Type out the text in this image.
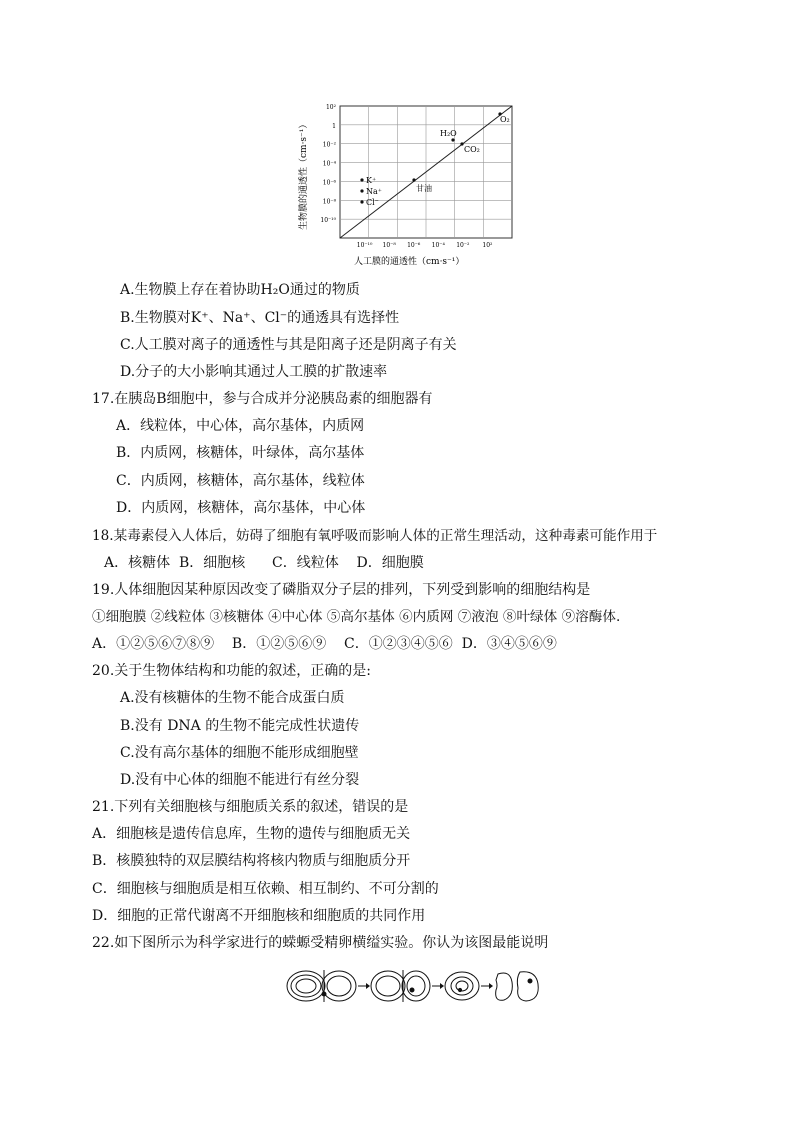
10²
1
10⁻²
10⁻⁴
10⁻⁶
10⁻⁸
10⁻¹⁰
10⁻¹⁰ 10⁻⁸ 10⁻⁶ 10⁻⁴ 10⁻² 10²
生物膜的通透性（cm·s⁻¹）
人工膜的通透性（cm·s⁻¹）
O₂
H₂O
CO₂
甘油
K⁺
Na⁺
Cl⁻
A.生物膜上存在着协助H₂O通过的物质
B.生物膜对K⁺、Na⁺、Cl⁻的通透具有选择性
C.人工膜对离子的通透性与其是阳离子还是阴离子有关
D.分子的大小影响其通过人工膜的扩散速率
17.在胰岛B细胞中，参与合成并分泌胰岛素的细胞器有
A．线粒体，中心体，高尔基体，内质网
B．内质网，核糖体，叶绿体，高尔基体
C．内质网，核糖体，高尔基体，线粒体
D．内质网，核糖体，高尔基体，中心体
18.某毒素侵入人体后，妨碍了细胞有氧呼吸而影响人体的正常生理活动，这种毒素可能作用于
A．核糖体  B．细胞核      C．线粒体    D．细胞膜
19.人体细胞因某种原因改变了磷脂双分子层的排列，下列受到影响的细胞结构是
①细胞膜 ②线粒体 ③核糖体 ④中心体 ⑤高尔基体 ⑥内质网 ⑦液泡 ⑧叶绿体 ⑨溶酶体.
A．①②⑤⑥⑦⑧⑨    B．①②⑤⑥⑨    C．①②③④⑤⑥  D．③④⑤⑥⑨
20.关于生物体结构和功能的叙述，正确的是:
A.没有核糖体的生物不能合成蛋白质
B.没有 DNA 的生物不能完成性状遗传
C.没有高尔基体的细胞不能形成细胞壁
D.没有中心体的细胞不能进行有丝分裂
21.下列有关细胞核与细胞质关系的叙述，错误的是
A．细胞核是遗传信息库，生物的遗传与细胞质无关
B．核膜独特的双层膜结构将核内物质与细胞质分开
C．细胞核与细胞质是相互依赖、相互制约、不可分割的
D．细胞的正常代谢离不开细胞核和细胞质的共同作用
22.如下图所示为科学家进行的蝾螈受精卵横缢实验。你认为该图最能说明
